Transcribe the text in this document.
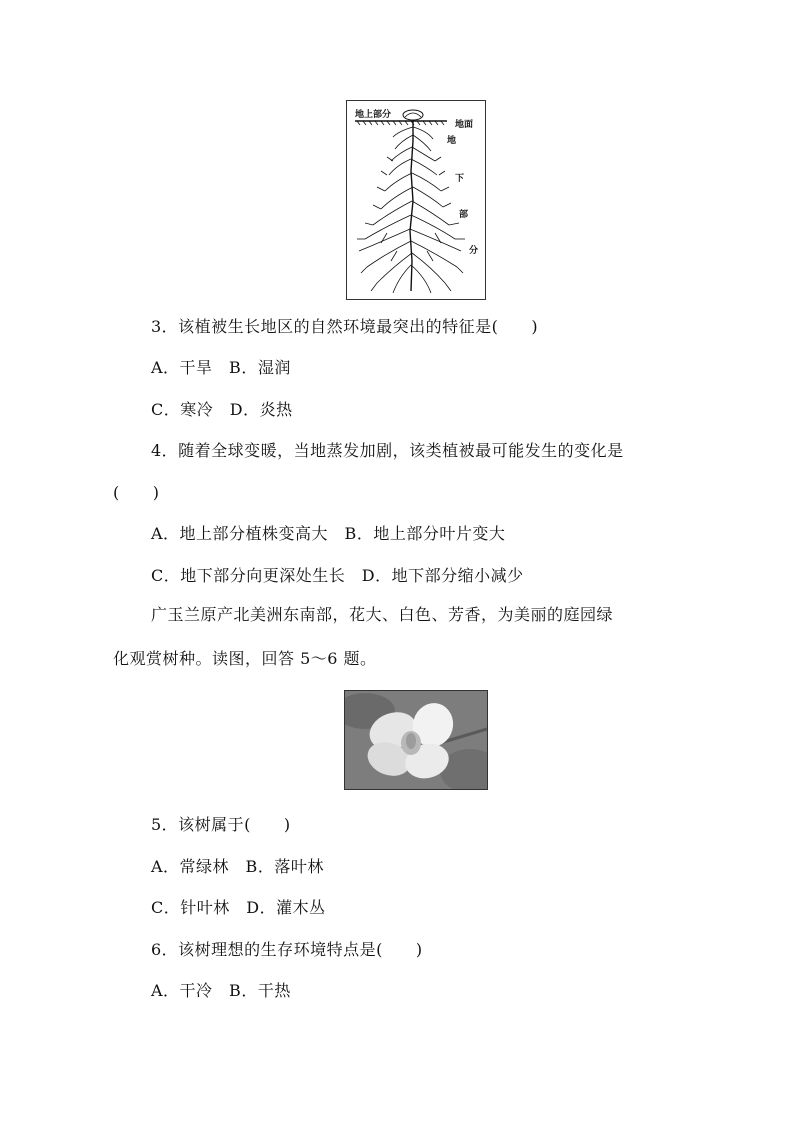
地上部分
地面
地
下
部
分
3．该植被生长地区的自然环境最突出的特征是(　　)
A．干旱　B．湿润
C．寒冷　D．炎热
4．随着全球变暖，当地蒸发加剧，该类植被最可能发生的变化是
(　　)
A．地上部分植株变高大　B．地上部分叶片变大
C．地下部分向更深处生长　D．地下部分缩小减少
广玉兰原产北美洲东南部，花大、白色、芳香，为美丽的庭园绿
化观赏树种。读图，回答 5～6 题。
5．该树属于(　　)
A．常绿林　B．落叶林
C．针叶林　D．灌木丛
6．该树理想的生存环境特点是(　　)
A．干冷　B．干热
